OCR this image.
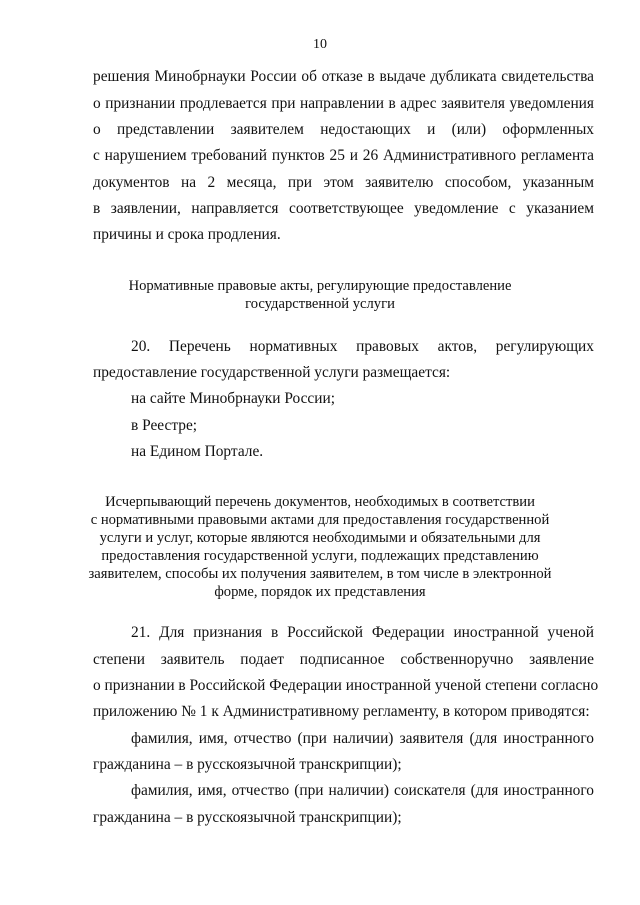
10
решения Минобрнауки России об отказе в выдаче дубликата свидетельства
о признании продлевается при направлении в адрес заявителя уведомления
о представлении заявителем недостающих и (или) оформленных
с нарушением требований пунктов 25 и 26 Административного регламента
документов на 2 месяца, при этом заявителю способом, указанным
в заявлении, направляется соответствующее уведомление с указанием
причины и срока продления.
Нормативные правовые акты, регулирующие предоставление
государственной услуги
20. Перечень нормативных правовых актов, регулирующих
предоставление государственной услуги размещается:
на сайте Минобрнауки России;
в Реестре;
на Едином Портале.
Исчерпывающий перечень документов, необходимых в соответствии
с нормативными правовыми актами для предоставления государственной
услуги и услуг, которые являются необходимыми и обязательными для
предоставления государственной услуги, подлежащих представлению
заявителем, способы их получения заявителем, в том числе в электронной
форме, порядок их представления
21. Для признания в Российской Федерации иностранной ученой
степени заявитель подает подписанное собственноручно заявление
о признании в Российской Федерации иностранной ученой степени согласно
приложению № 1 к Административному регламенту, в котором приводятся:
фамилия, имя, отчество (при наличии) заявителя (для иностранного
гражданина – в русскоязычной транскрипции);
фамилия, имя, отчество (при наличии) соискателя (для иностранного
гражданина – в русскоязычной транскрипции);
